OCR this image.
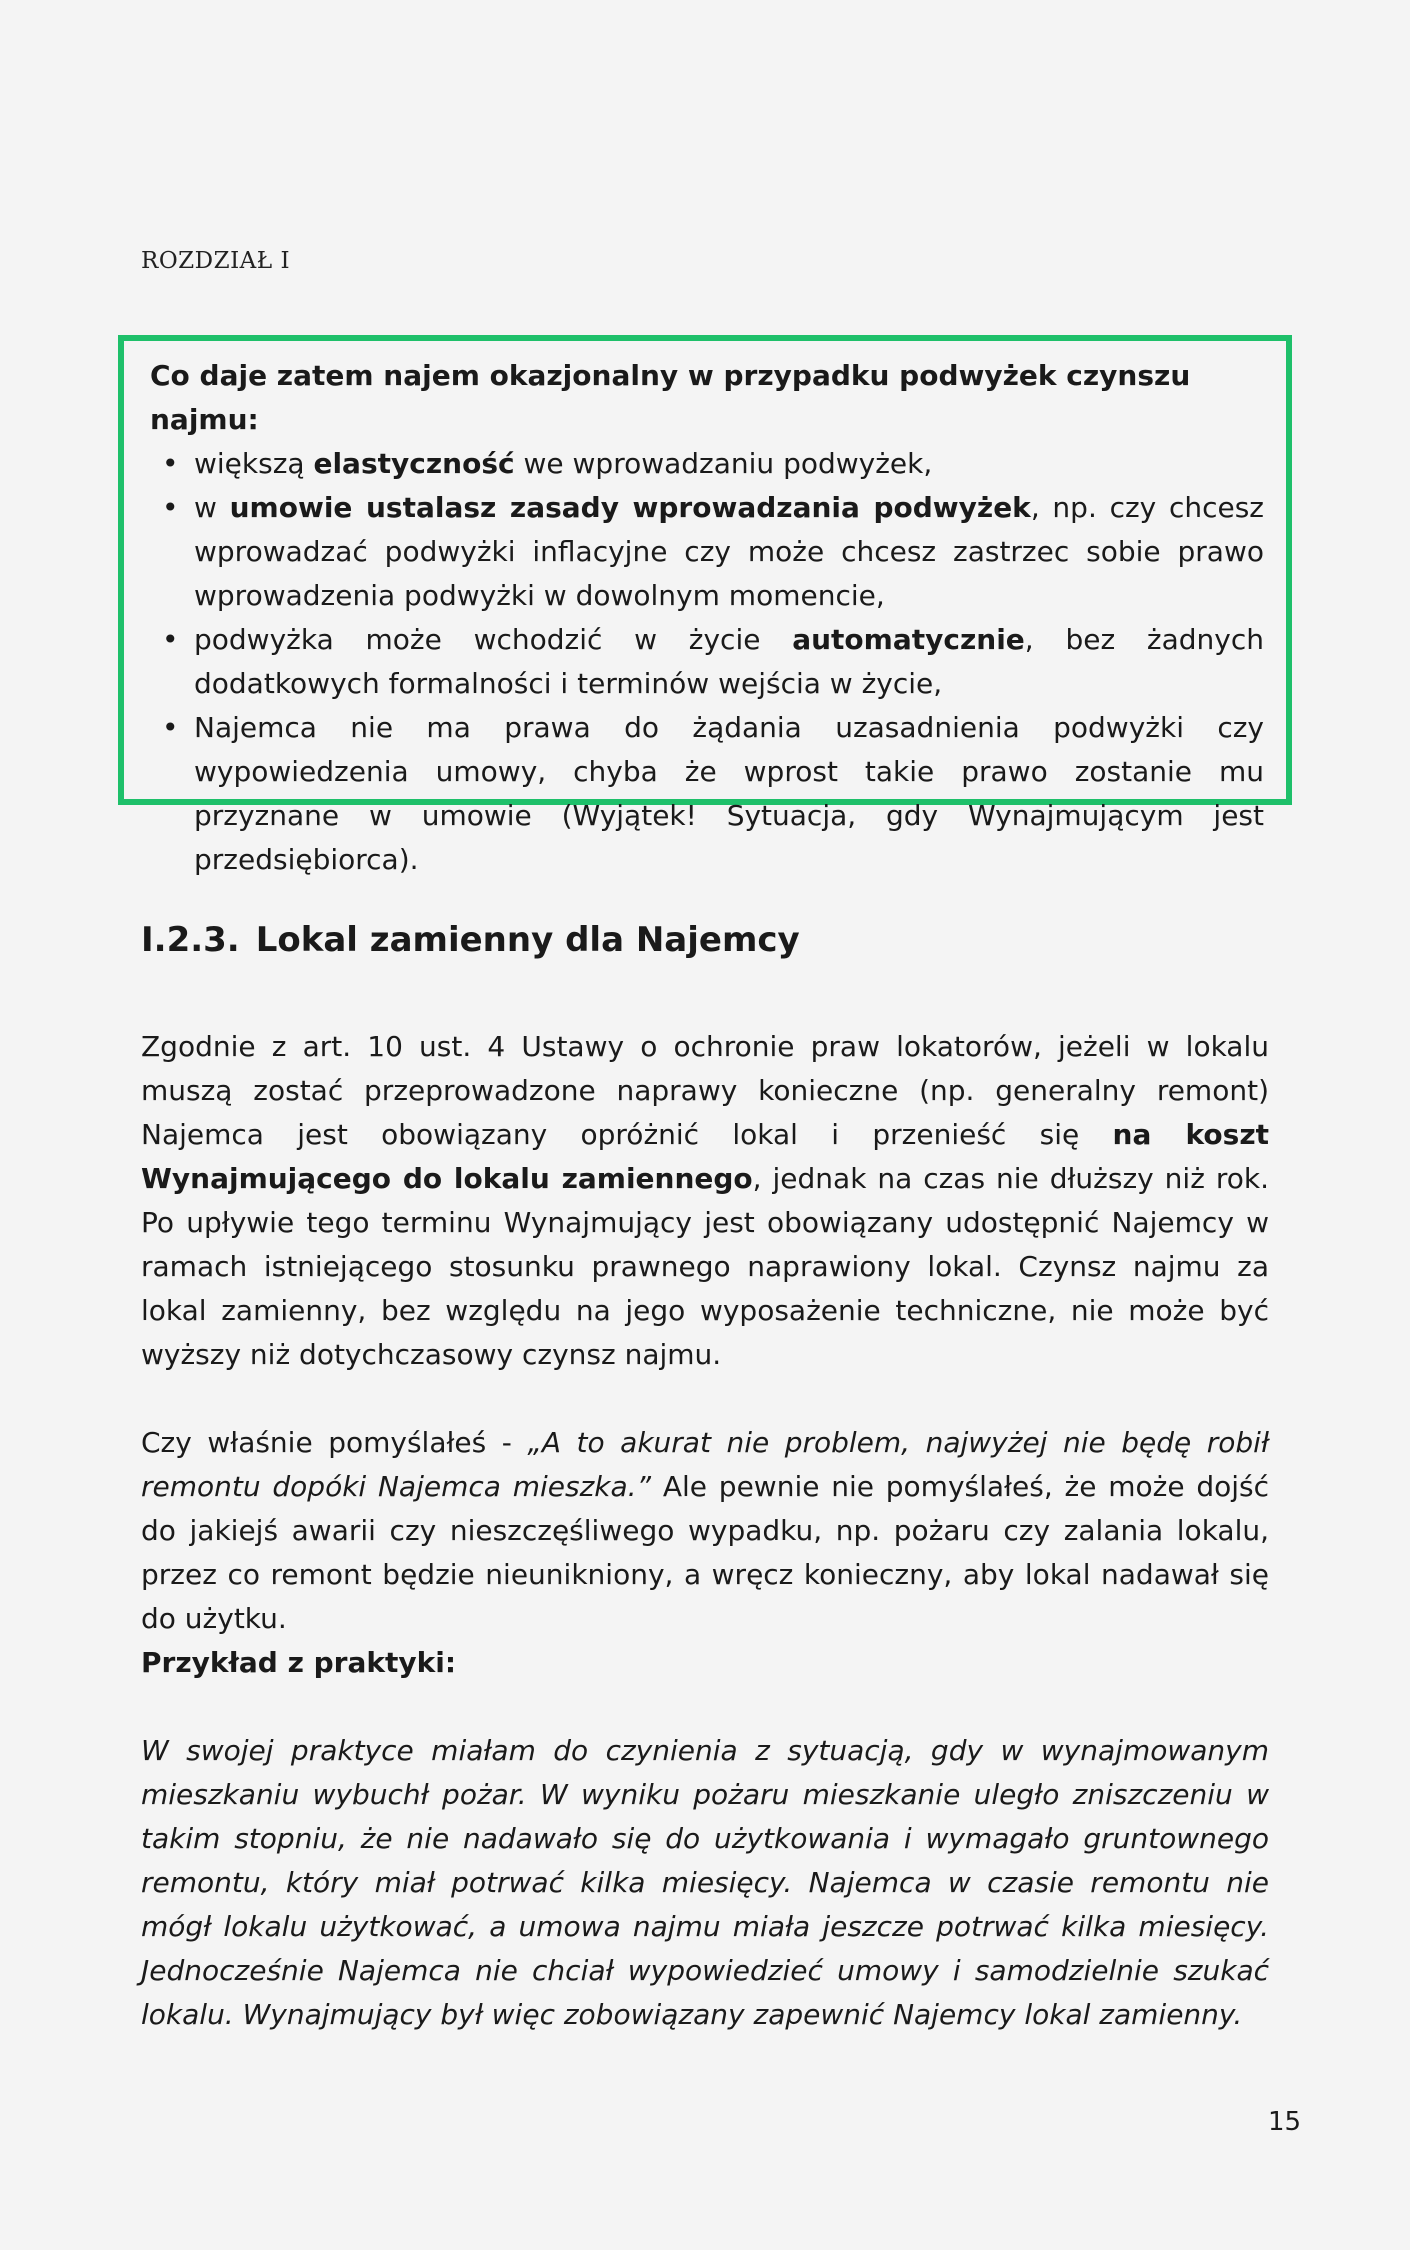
ROZDZIAŁ I

Co daje zatem najem okazjonalny w przypadku podwyżek czynszu najmu:

• większą elastyczność we wprowadzaniu podwyżek,
• w umowie ustalasz zasady wprowadzania podwyżek, np. czy chcesz wprowadzać podwyżki inflacyjne czy może chcesz zastrzec sobie prawo wprowadzenia podwyżki w dowolnym momencie,
• podwyżka może wchodzić w życie automatycznie, bez żadnych dodatkowych formalności i terminów wejścia w życie,
• Najemca nie ma prawa do żądania uzasadnienia podwyżki czy wypowiedzenia umowy, chyba że wprost takie prawo zostanie mu przyznane w umowie (Wyjątek! Sytuacja, gdy Wynajmującym jest przedsiębiorca).
I.2.3. Lokal zamienny dla Najemcy

Zgodnie z art. 10 ust. 4 Ustawy o ochronie praw lokatorów, jeżeli w lokalu muszą zostać przeprowadzone naprawy konieczne (np. generalny remont) Najemca jest obowiązany opróżnić lokal i przenieść się na koszt Wynajmującego do lokalu zamiennego, jednak na czas nie dłuższy niż rok. Po upływie tego terminu Wynajmujący jest obowiązany udostępnić Najemcy w ramach istniejącego stosunku prawnego naprawiony lokal. Czynsz najmu za lokal zamienny, bez względu na jego wyposażenie techniczne, nie może być wyższy niż dotychczasowy czynsz najmu.

Czy właśnie pomyślałeś - „A to akurat nie problem, najwyżej nie będę robił remontu dopóki Najemca mieszka.” Ale pewnie nie pomyślałeś, że może dojść do jakiejś awarii czy nieszczęśliwego wypadku, np. pożaru czy zalania lokalu, przez co remont będzie nieunikniony, a wręcz konieczny, aby lokal nadawał się do użytku.

Przykład z praktyki:

W swojej praktyce miałam do czynienia z sytuacją, gdy w wynajmowanym mieszkaniu wybuchł pożar. W wyniku pożaru mieszkanie uległo zniszczeniu w takim stopniu, że nie nadawało się do użytkowania i wymagało gruntownego remontu, który miał potrwać kilka miesięcy. Najemca w czasie remontu nie mógł lokalu użytkować, a umowa najmu miała jeszcze potrwać kilka miesięcy. Jednocześnie Najemca nie chciał wypowiedzieć umowy i samodzielnie szukać lokalu. Wynajmujący był więc zobowiązany zapewnić Najemcy lokal zamienny.

15
